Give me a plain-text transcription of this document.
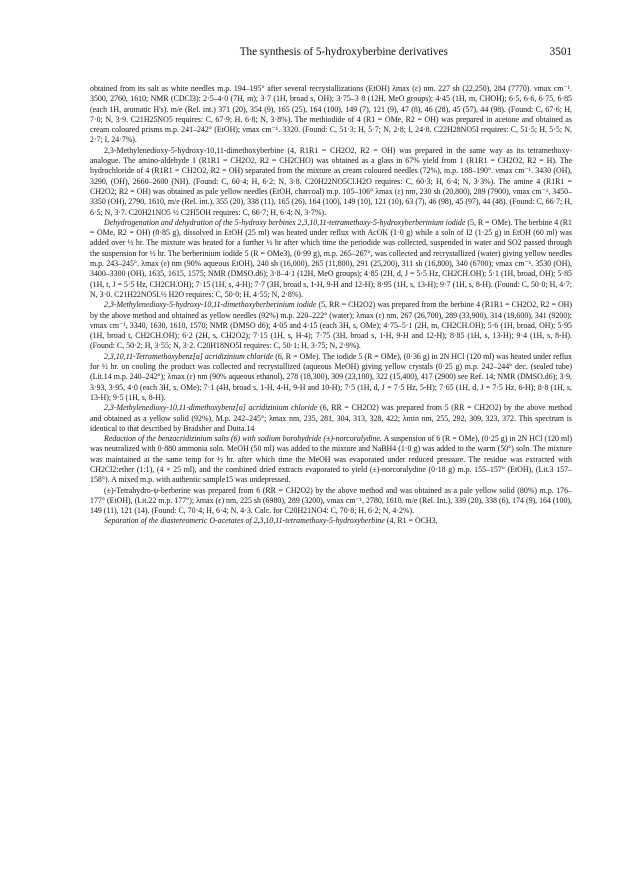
The synthesis of 5-hydroxyberbine derivatives	3501

obtained from its salt as white needles m.p. 194–195° after several recrystallizations (EtOH) λmax (ε) nm. 227 sh (22,250), 284 (7770). νmax cm⁻¹. 3500, 2760, 1610; NMR (CDCl3): 2·5–4·0 (7H, m); 3·7 (1H, broad s, OH); 3·75–3·8 (12H, MeO groups); 4·45 (1H, m, CHOH); 6·5, 6·6, 6·75, 6·85 (each 1H, aromatic H's). m/e (Rel. int.) 371 (20), 354 (9), 165 (25), 164 (100), 149 (7), 121 (9), 47 (8), 46 (28), 45 (57), 44 (98). (Found: C, 67·6; H, 7·0; N, 3·9. C21H25NO5 requires: C, 67·9; H, 6·8; N, 3·8%). The methiodide of 4 (R1 = OMe, R2 = OH) was prepared in acetone and obtained as cream coloured prisms m.p. 241–242° (EtOH); νmax cm⁻¹. 3320. (Found: C, 51·3; H, 5·7; N, 2·8; I, 24·8. C22H28NO5I requires: C, 51·5; H, 5·5; N, 2·7; I, 24·7%).

2,3-Methylenedioxy-5-hydroxy-10,11-dimethoxyberbine (4, R1R1 = CH2O2, R2 = OH) was prepared in the same way as its tetramethoxy-analogue. The amino-aldehyde 1 (R1R1 = CH2O2, R2 = CH2CHO) was obtained as a glass in 67% yield from 1 (R1R1 = CH2O2, R2 = H). The hydrochloride of 4 (R1R1 = CH2O2, R2 = OH) separated from the mixture as cream coloured needles (72%), m.p. 188–190°. νmax cm⁻¹. 3430 (OH), 3290, (OH), 2660–2600 (NH). (Found: C, 60·4; H, 6·2; N, 3·8. C20H22NO5Cl.H2O requires: C, 60·3; H, 6·4; N, 3·3%). The amine 4 (R1R1 = CH2O2; R2 = OH) was obtained as pale yellow needles (EtOH, charcoal) m.p. 105–106° λmax (ε) nm, 230 sh (20,800), 289 (7900), νmax cm⁻¹, 3450–3350 (OH), 2790, 1610, m/e (Rel. int.), 355 (20), 338 (11), 165 (26), 164 (100), 149 (10), 121 (10), 63 (7), 46 (98), 45 (97), 44 (48). (Found: C, 66·7; H, 6·5; N, 3·7. C20H21NO5 ½ C2H5OH requires: C, 66·7; H, 6·4; N, 3·7%).

Dehydrogenation and dehydration of the 5-hydroxy berbines 2,3,10,11-tetramethoxy-5-hydroxyberberinium iodide (5, R = OMe). The berbine 4 (R1 = OMe, R2 = OH) (0·85 g), dissolved in EtOH (25 ml) was heated under reflux with AcOK (1·0 g) while a soln of I2 (1·25 g) in EtOH (60 ml) was added over ½ hr. The mixture was heated for a further ½ hr after which time the periodide was collected, suspended in water and SO2 passed through the suspension for ½ hr. The berberinium iodide 5 (R = OMe3), (0·99 g), m.p. 265–267°, was collected and recrystallized (water) giving yellow needles m.p. 243–245°. λmax (ε) nm (90% aqueous EtOH), 240 sh (16,000), 265 (11,800), 291 (25,200), 311 sh (16,800), 340 (6700); νmax cm⁻¹. 3530 (OH), 3400–3300 (OH), 1635, 1615, 1575; NMR (DMSO.d6); 3·8–4·1 (12H, MeO groups); 4·85 (2H, d, J = 5·5 Hz, CH2CH.OH); 5·1 (1H, broad, OH); 5·85 (1H, t, J = 5·5 Hz, CH2CH.OH); 7·15 (1H, s, 4-H); 7·7 (3H, broad s, 1-H, 9-H and 12-H); 8·95 (1H, s, 13-H); 9·7 (1H, s, 8-H). (Found: C, 50·0; H, 4·7; N, 3·0. C21H22NO5I.½ H2O requires: C, 50·0; H, 4·55; N, 2·8%).

2,3-Methylenedioxy-5-hydroxy-10,11-dimethoxyberberinium iodide (5, RR = CH2O2) was prepared from the berbine 4 (R1R1 = CH2O2, R2 = OH) by the above method and obtained as yellow needles (92%) m.p. 220–222° (water); λmax (ε) nm, 267 (26,700), 289 (33,900), 314 (19,600), 341 (9200); νmax cm⁻¹, 3340, 1630, 1610, 1570; NMR (DMSO d6); 4·05 and 4·15 (each 3H, s, OMe); 4·75–5·1 (2H, m, CH2CH.OH); 5·6 (1H, broad, OH); 5·95 (1H, broad t, CH2CH.OH); 6·2 (2H, s, CH2O2); 7·15 (1H, s, H-4); 7·75 (3H, broad s, 1-H, 9-H and 12-H); 8·85 (1H, s, 13-H); 9·4 (1H, s, 8-H). (Found: C, 50·2; H, 3·55; N, 3·2. C20H18NO5I requires: C, 50·1; H, 3·75; N, 2·9%).

2,3,10,11-Tetramethoxybenz[a] acridizinium chloride (6, R = OMe). The iodide 5 (R = OMe), (0·36 g) in 2N HCl (120 ml) was heated under reflux for ½ hr. on cooling the product was collected and recrystallized (aqueous MeOH) giving yellow crystals (0·25 g) m.p. 242–244° dec. (sealed tube) (Lit.14 m.p. 240–242°); λmax (ε) nm (90% aqueous ethanol), 278 (18,300), 309 (23,100), 322 (15,400), 417 (2900) see Ref. 14; NMR (DMSO.d6); 3·9, 3·93, 3·95, 4·0 (each 3H, s, OMe); 7·1 (4H, broad s, 1-H, 4-H, 9-H and 10-H); 7·5 (1H, d, J = 7·5 Hz, 5-H); 7·65 (1H, d, J = 7·5 Hz, 6-H); 8·8 (1H, s, 13-H); 9·5 (1H, s, 8-H).

2,3-Methylenedioxy-10,11-dimethoxybenz[a] acridizinium chloride (6, RR = CH2O2) was prepared from 5 (RR = CH2O2) by the above method and obtained as a yellow solid (92%), M.p. 242–245°; λmax nm, 235, 281, 304, 313, 328, 422; λmin nm, 255, 292, 309, 323, 372. This spectrum is identical to that described by Bradsher and Dutta.14

Reduction of the benzacridizinium salts (6) with sodium borohydride (±)-norcoralydine. A suspension of 6 (R = OMe), (0·25 g) in 2N HCl (120 ml) was neutralized with 0·880 ammonia soln. MeOH (50 ml) was added to the mixture and NaBH4 (1·0 g) was added to the warm (50°) soln. The mixture was maintained at the same temp for ½ hr. after which time the MeOH was evaporated under reduced pressure. The residue was extracted with CH2Cl2:ether (1:1), (4 × 25 ml), and the combined dried extracts evaporated to yield (±)-norcoralydine (0·18 g) m.p. 155–157° (EtOH), (Lit.3 157–158°). A mixed m.p. with authentic sample15 was undepressed.

(±)-Tetrahydro-ψ-berberine was prepared from 6 (RR = CH2O2) by the above method and was obtained as a pale yellow solid (80%) m.p. 176–177° (EtOH), (Lit.22 m.p. 177°); λmax (ε) nm, 225 sh (6980), 289 (3200), νmax cm⁻¹, 2780, 1610. m/e (Rel. Int.), 339 (20), 338 (6), 174 (9), 164 (100), 149 (11), 121 (14). (Found: C, 70·4; H, 6·4; N, 4·3. Calc. for C20H21NO4: C, 70·8; H, 6·2; N, 4·2%).

Separation of the diastereomeric O-acetates of 2,3,10,11-tetramethoxy-5-hydroxyberbine (4, R1 = OCH3,
